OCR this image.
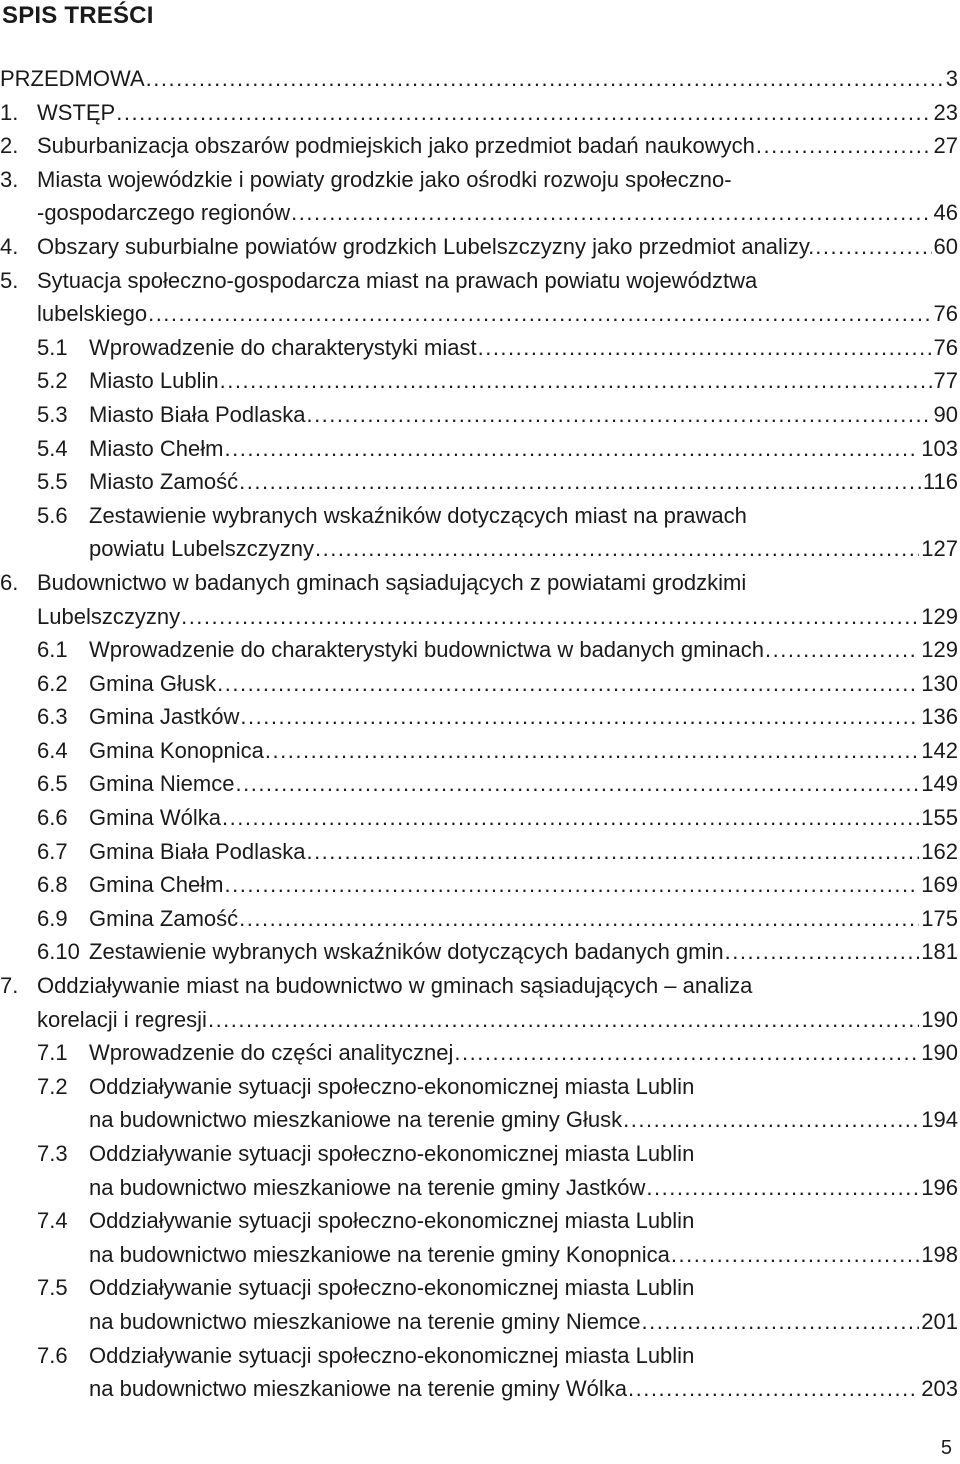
SPIS TREŚCI
PRZEDMOWA .....	3
1. WSTĘP .....	23
2. Suburbanizacja obszarów podmiejskich jako przedmiot badań naukowych .....	27
3. Miasta wojewódzkie i powiaty grodzkie jako ośrodki rozwoju społeczno-
-gospodarczego regionów .....	46
4. Obszary suburbialne powiatów grodzkich Lubelszczyzny jako przedmiot analizy. .....	60
5. Sytuacja społeczno-gospodarcza miast na prawach powiatu województwa
lubelskiego .....	76
5.1 Wprowadzenie do charakterystyki miast .....	76
5.2 Miasto Lublin .....	77
5.3 Miasto Biała Podlaska .....	90
5.4 Miasto Chełm .....	103
5.5 Miasto Zamość .....	116
5.6 Zestawienie wybranych wskaźników dotyczących miast na prawach
powiatu Lubelszczyzny .....	127
6. Budownictwo w badanych gminach sąsiadujących z powiatami grodzkimi
Lubelszczyzny .....	129
6.1 Wprowadzenie do charakterystyki budownictwa w badanych gminach .....	129
6.2 Gmina Głusk .....	130
6.3 Gmina Jastków .....	136
6.4 Gmina Konopnica .....	142
6.5 Gmina Niemce .....	149
6.6 Gmina Wólka .....	155
6.7 Gmina Biała Podlaska .....	162
6.8 Gmina Chełm .....	169
6.9 Gmina Zamość .....	175
6.10 Zestawienie wybranych wskaźników dotyczących badanych gmin .....	181
7. Oddziaływanie miast na budownictwo w gminach sąsiadujących – analiza
korelacji i regresji .....	190
7.1 Wprowadzenie do części analitycznej .....	190
7.2 Oddziaływanie sytuacji społeczno-ekonomicznej miasta Lublin
na budownictwo mieszkaniowe na terenie gminy Głusk .....	194
7.3 Oddziaływanie sytuacji społeczno-ekonomicznej miasta Lublin
na budownictwo mieszkaniowe na terenie gminy Jastków .....	196
7.4 Oddziaływanie sytuacji społeczno-ekonomicznej miasta Lublin
na budownictwo mieszkaniowe na terenie gminy Konopnica .....	198
7.5 Oddziaływanie sytuacji społeczno-ekonomicznej miasta Lublin
na budownictwo mieszkaniowe na terenie gminy Niemce .....	201
7.6 Oddziaływanie sytuacji społeczno-ekonomicznej miasta Lublin
na budownictwo mieszkaniowe na terenie gminy Wólka .....	203
5
